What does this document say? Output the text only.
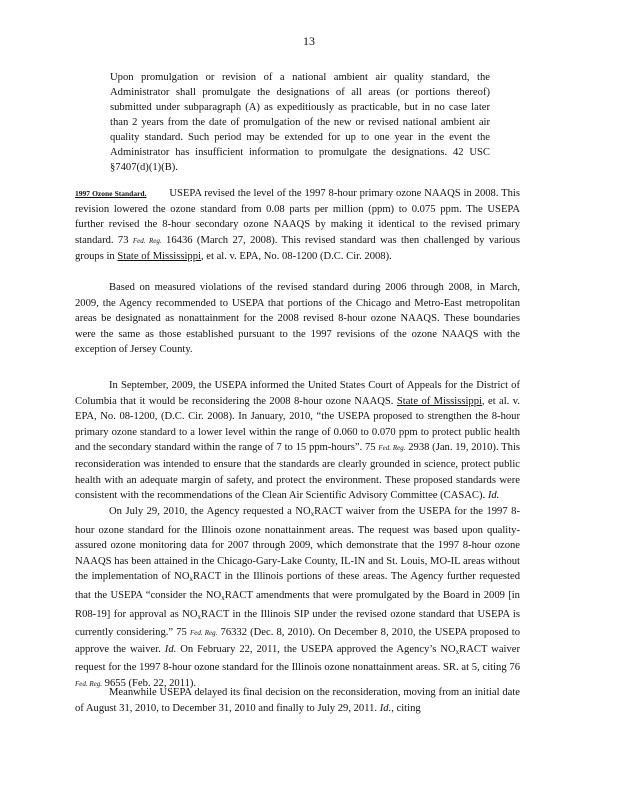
13
Upon promulgation or revision of a national ambient air quality standard, the Administrator shall promulgate the designations of all areas (or portions thereof) submitted under subparagraph (A) as expeditiously as practicable, but in no case later than 2 years from the date of promulgation of the new or revised national ambient air quality standard. Such period may be extended for up to one year in the event the Administrator has insufficient information to promulgate the designations. 42 USC §7407(d)(1)(B).

1997 Ozone Standard. USEPA revised the level of the 1997 8-hour primary ozone NAAQS in 2008. This revision lowered the ozone standard from 0.08 parts per million (ppm) to 0.075 ppm. The USEPA further revised the 8-hour secondary ozone NAAQS by making it identical to the revised primary standard. 73 Fed. Reg. 16436 (March 27, 2008). This revised standard was then challenged by various groups in State of Mississippi, et al. v. EPA, No. 08-1200 (D.C. Cir. 2008).

Based on measured violations of the revised standard during 2006 through 2008, in March, 2009, the Agency recommended to USEPA that portions of the Chicago and Metro-East metropolitan areas be designated as nonattainment for the 2008 revised 8-hour ozone NAAQS. These boundaries were the same as those established pursuant to the 1997 revisions of the ozone NAAQS with the exception of Jersey County.

In September, 2009, the USEPA informed the United States Court of Appeals for the District of Columbia that it would be reconsidering the 2008 8-hour ozone NAAQS. State of Mississippi, et al. v. EPA, No. 08-1200, (D.C. Cir. 2008). In January, 2010, “the USEPA proposed to strengthen the 8-hour primary ozone standard to a lower level within the range of 0.060 to 0.070 ppm to protect public health and the secondary standard within the range of 7 to 15 ppm-hours”. 75 Fed. Reg. 2938 (Jan. 19, 2010). This reconsideration was intended to ensure that the standards are clearly grounded in science, protect public health with an adequate margin of safety, and protect the environment. These proposed standards were consistent with the recommendations of the Clean Air Scientific Advisory Committee (CASAC). Id.

On July 29, 2010, the Agency requested a $NO_xRACT$ waiver from the USEPA for the 1997 8-hour ozone standard for the Illinois ozone nonattainment areas. The request was based upon quality-assured ozone monitoring data for 2007 through 2009, which demonstrate that the 1997 8-hour ozone NAAQS has been attained in the Chicago-Gary-Lake County, IL-IN and St. Louis, MO-IL areas without the implementation of $NO_xRACT$ in the Illinois portions of these areas. The Agency further requested that the USEPA “consider the $NO_xRACT$ amendments that were promulgated by the Board in 2009 [in R08-19] for approval as $NO_xRACT$ in the Illinois SIP under the revised ozone standard that USEPA is currently considering.” 75 Fed. Reg. 76332 (Dec. 8, 2010). On December 8, 2010, the USEPA proposed to approve the waiver. Id. On February 22, 2011, the USEPA approved the Agency’s $NO_xRACT$ waiver request for the 1997 8-hour ozone standard for the Illinois ozone nonattainment areas. SR. at 5, citing 76 Fed. Reg. 9655 (Feb. 22, 2011).

Meanwhile USEPA delayed its final decision on the reconsideration, moving from an initial date of August 31, 2010, to December 31, 2010 and finally to July 29, 2011. Id., citing
